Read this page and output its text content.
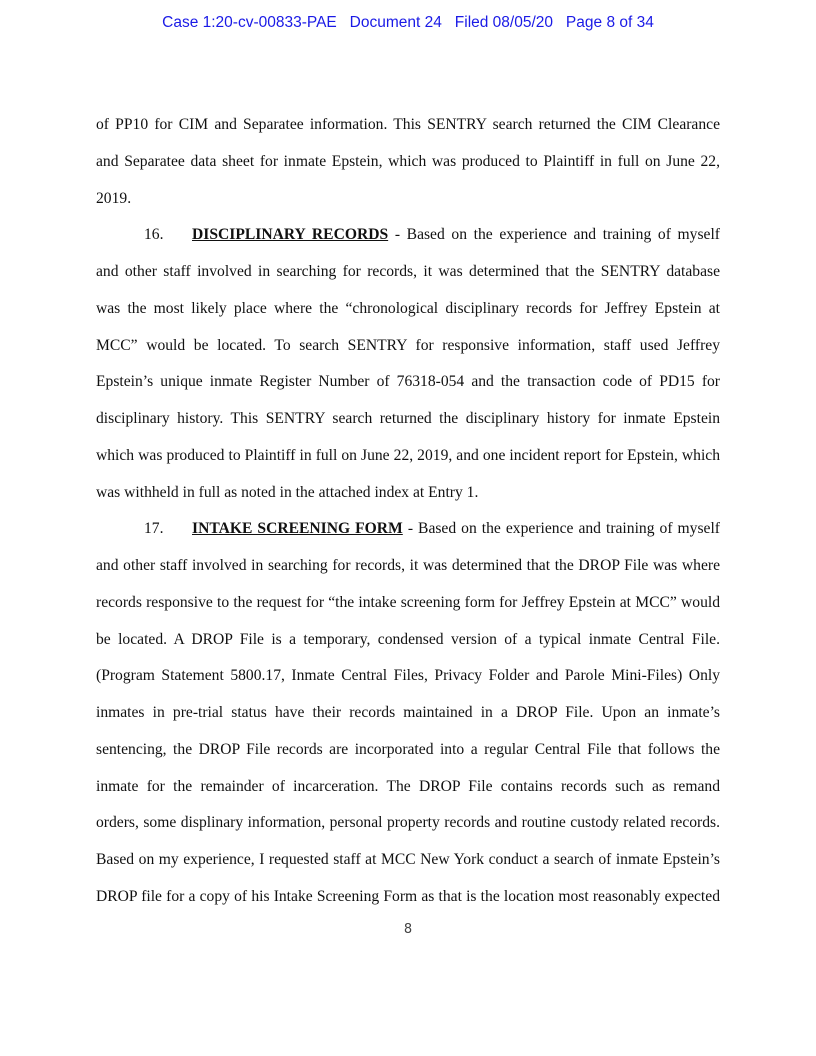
Case 1:20-cv-00833-PAE   Document 24   Filed 08/05/20   Page 8 of 34
of PP10 for CIM and Separatee information. This SENTRY search returned the CIM Clearance
and Separatee data sheet for inmate Epstein, which was produced to Plaintiff in full on June 22,
2019.
16. DISCIPLINARY RECORDS - Based on the experience and training of myself
and other staff involved in searching for records, it was determined that the SENTRY database
was the most likely place where the “chronological disciplinary records for Jeffrey Epstein at
MCC” would be located. To search SENTRY for responsive information, staff used Jeffrey
Epstein’s unique inmate Register Number of 76318-054 and the transaction code of PD15 for
disciplinary history. This SENTRY search returned the disciplinary history for inmate Epstein
which was produced to Plaintiff in full on June 22, 2019, and one incident report for Epstein, which
was withheld in full as noted in the attached index at Entry 1.
17. INTAKE SCREENING FORM - Based on the experience and training of myself
and other staff involved in searching for records, it was determined that the DROP File was where
records responsive to the request for “the intake screening form for Jeffrey Epstein at MCC” would
be located. A DROP File is a temporary, condensed version of a typical inmate Central File.
(Program Statement 5800.17, Inmate Central Files, Privacy Folder and Parole Mini-Files) Only
inmates in pre-trial status have their records maintained in a DROP File. Upon an inmate’s
sentencing, the DROP File records are incorporated into a regular Central File that follows the
inmate for the remainder of incarceration. The DROP File contains records such as remand
orders, some displinary information, personal property records and routine custody related records.
Based on my experience, I requested staff at MCC New York conduct a search of inmate Epstein’s
DROP file for a copy of his Intake Screening Form as that is the location most reasonably expected
8
